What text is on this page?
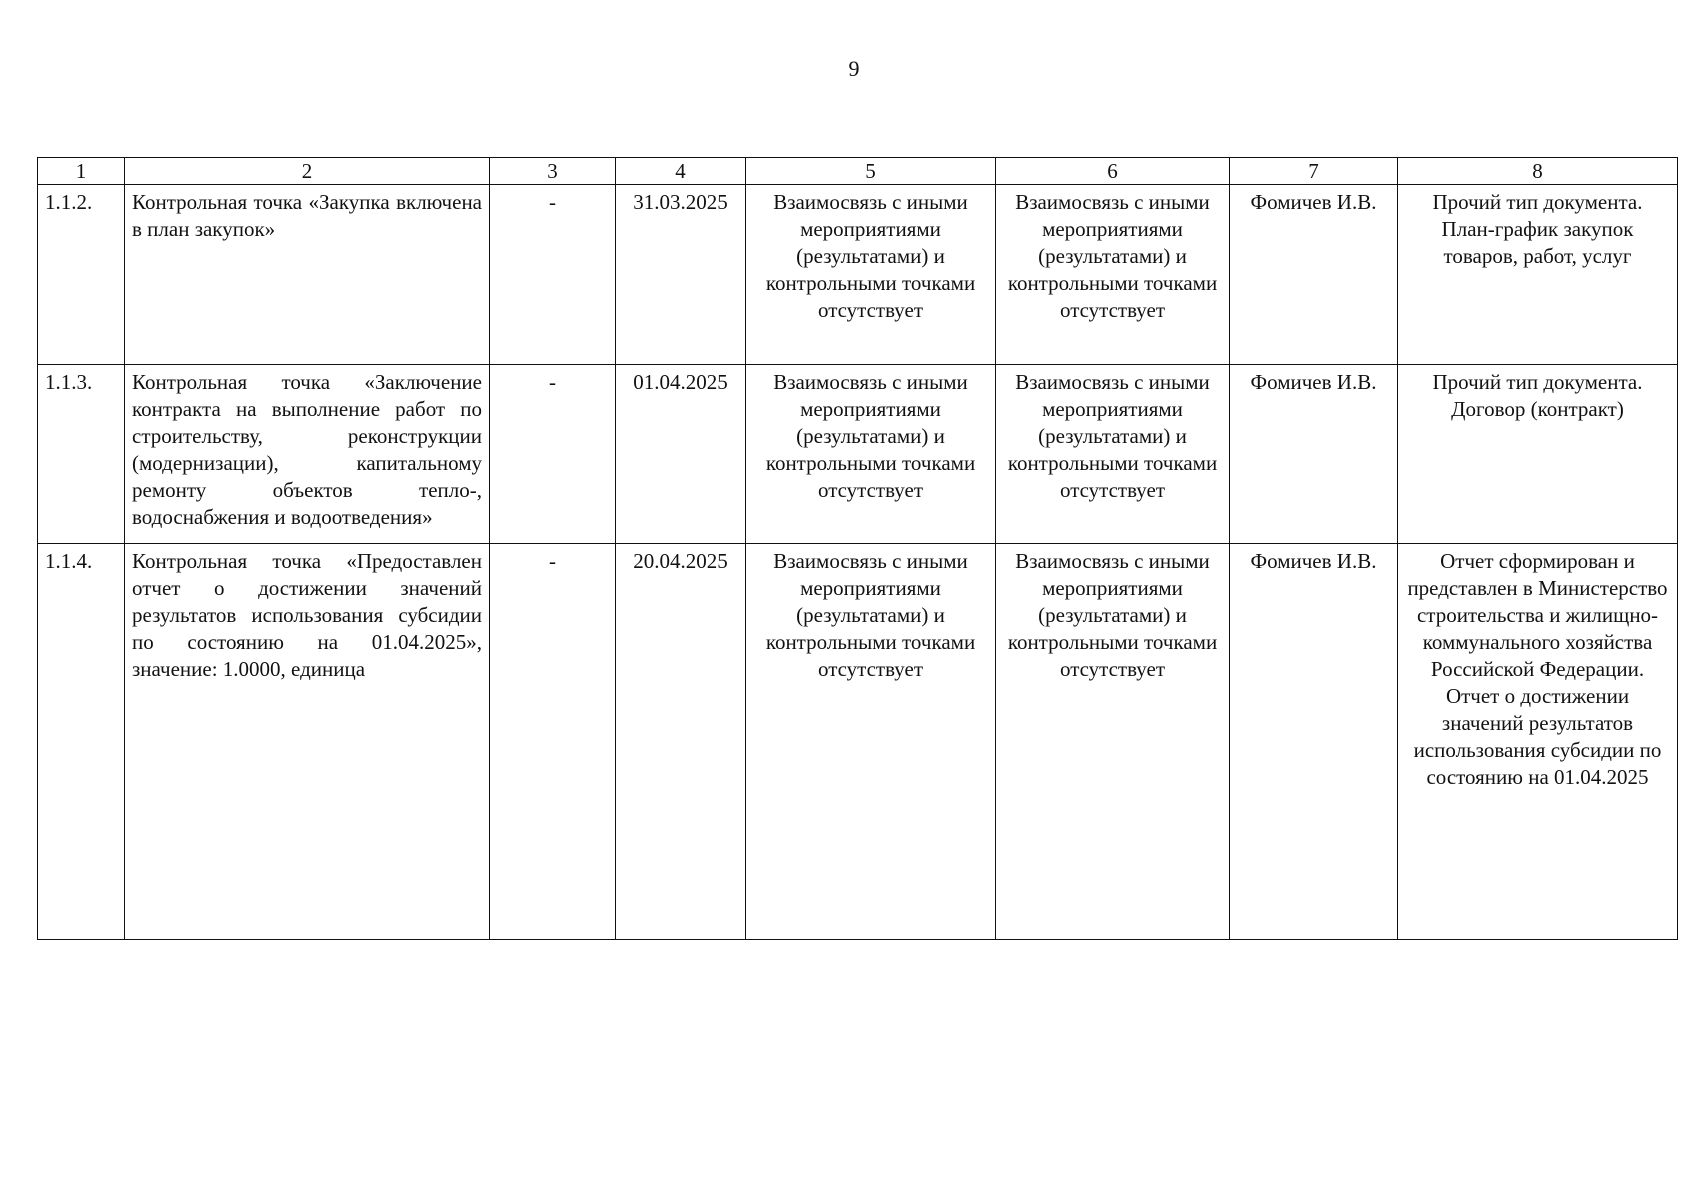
9
1	2	3	4	5	6	7	8
1.1.2.	Контрольная точка «Закупка включена в план закупок»	-	31.03.2025	Взаимосвязь с иными мероприятиями (результатами) и контрольными точками отсутствует	Взаимосвязь с иными мероприятиями (результатами) и контрольными точками отсутствует	Фомичев И.В.	Прочий тип документа. План-график закупок товаров, работ, услуг
1.1.3.	Контрольная точка «Заключение контракта на выполнение работ по строительству, реконструкции (модернизации), капитальному ремонту объектов тепло-, водоснабжения и водоотведения»	-	01.04.2025	Взаимосвязь с иными мероприятиями (результатами) и контрольными точками отсутствует	Взаимосвязь с иными мероприятиями (результатами) и контрольными точками отсутствует	Фомичев И.В.	Прочий тип документа. Договор (контракт)
1.1.4.	Контрольная точка «Предоставлен отчет о достижении значений результатов использования субсидии по состоянию на 01.04.2025», значение: 1.0000, единица	-	20.04.2025	Взаимосвязь с иными мероприятиями (результатами) и контрольными точками отсутствует	Взаимосвязь с иными мероприятиями (результатами) и контрольными точками отсутствует	Фомичев И.В.	Отчет сформирован и представлен в Министерство строительства и жилищно-коммунального хозяйства Российской Федерации. Отчет о достижении значений результатов использования субсидии по состоянию на 01.04.2025
